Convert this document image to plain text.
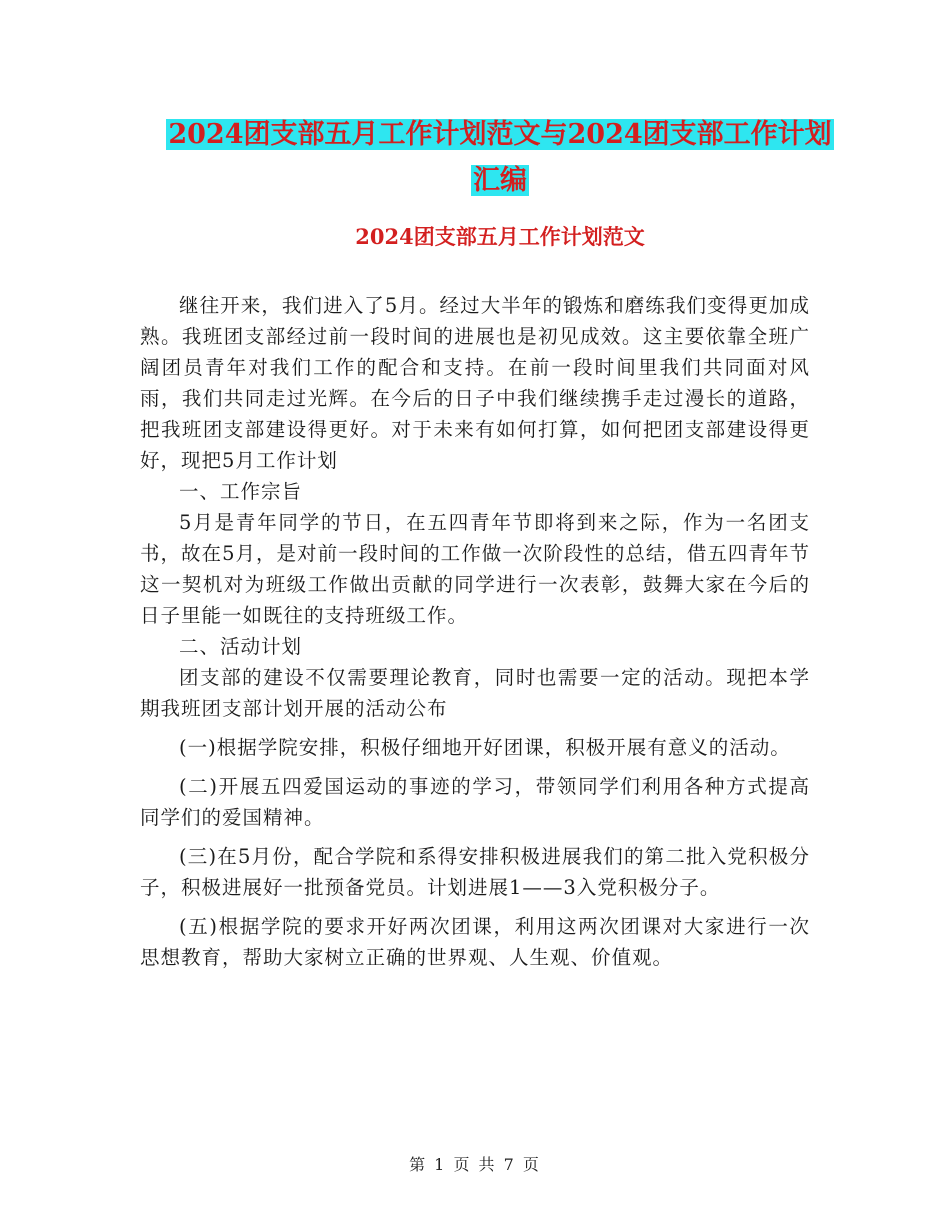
2024团支部五月工作计划范文与2024团支部工作计划
汇编
2024团支部五月工作计划范文

继往开来，我们进入了5月。经过大半年的锻炼和磨练我们变得更加成熟。我班团支部经过前一段时间的进展也是初见成效。这主要依靠全班广阔团员青年对我们工作的配合和支持。在前一段时间里我们共同面对风雨，我们共同走过光辉。在今后的日子中我们继续携手走过漫长的道路，把我班团支部建设得更好。对于未来有如何打算，如何把团支部建设得更好，现把5月工作计划

一、工作宗旨

5月是青年同学的节日，在五四青年节即将到来之际，作为一名团支书，故在5月，是对前一段时间的工作做一次阶段性的总结，借五四青年节这一契机对为班级工作做出贡献的同学进行一次表彰，鼓舞大家在今后的日子里能一如既往的支持班级工作。

二、活动计划

团支部的建设不仅需要理论教育，同时也需要一定的活动。现把本学期我班团支部计划开展的活动公布

(一)根据学院安排，积极仔细地开好团课，积极开展有意义的活动。

(二)开展五四爱国运动的事迹的学习，带领同学们利用各种方式提高同学们的爱国精神。

(三)在5月份，配合学院和系得安排积极进展我们的第二批入党积极分子，积极进展好一批预备党员。计划进展1——3入党积极分子。

(五)根据学院的要求开好两次团课，利用这两次团课对大家进行一次思想教育，帮助大家树立正确的世界观、人生观、价值观。

第 1 页 共 7 页
